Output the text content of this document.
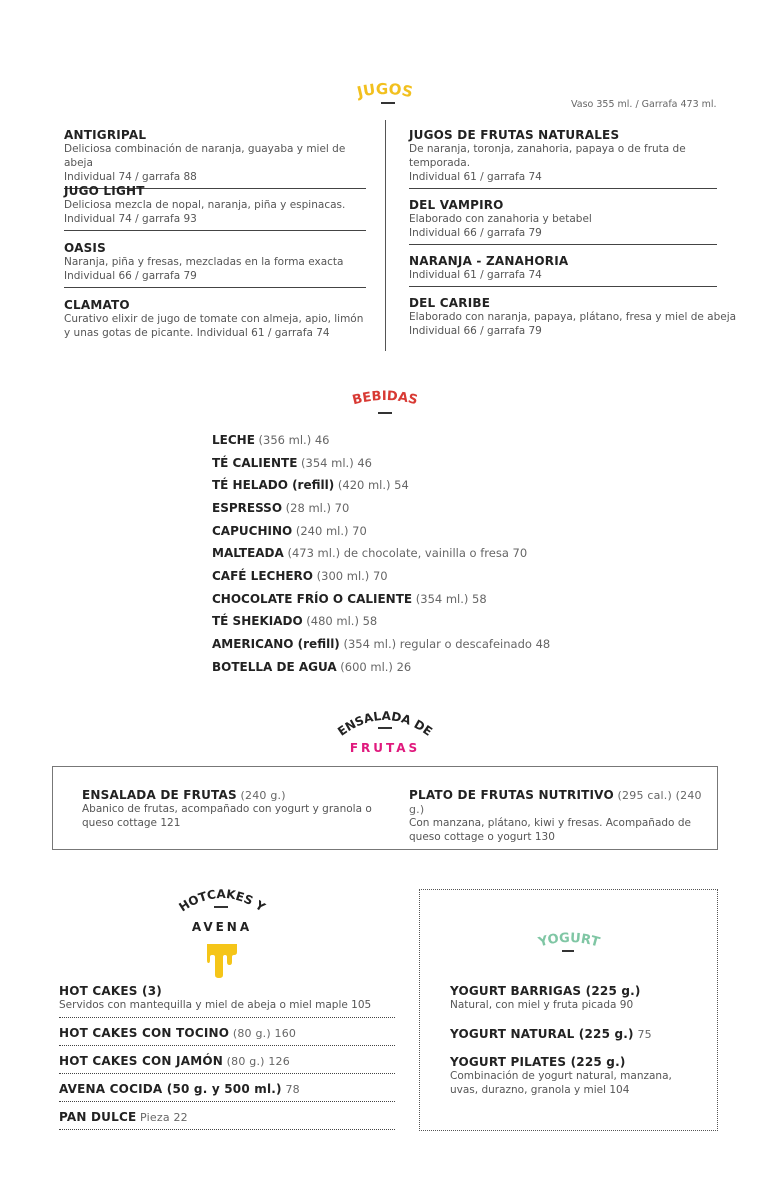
JUGOS
Vaso 355 ml. / Garrafa 473 ml.
ANTIGRIPAL
Deliciosa combinación de naranja, guayaba y miel de abeja
Individual 74 / garrafa 88
JUGO LIGHT
Deliciosa mezcla de nopal, naranja, piña y espinacas.
Individual 74 / garrafa 93
OASIS
Naranja, piña y fresas, mezcladas en la forma exacta
Individual 66 / garrafa 79
CLAMATO
Curativo elixir de jugo de tomate con almeja, apio, limón y unas gotas de picante. Individual 61 / garrafa 74
JUGOS DE FRUTAS NATURALES
De naranja, toronja, zanahoria, papaya o de fruta de temporada.
Individual 61 / garrafa 74
DEL VAMPIRO
Elaborado con zanahoria y betabel
Individual 66 / garrafa 79
NARANJA - ZANAHORIA
Individual 61 / garrafa 74
DEL CARIBE
Elaborado con naranja, papaya, plátano, fresa y miel de abeja
Individual 66 / garrafa 79
BEBIDAS
LECHE (356 ml.) 46
TÉ CALIENTE (354 ml.) 46
TÉ HELADO (refill) (420 ml.) 54
ESPRESSO (28 ml.) 70
CAPUCHINO (240 ml.) 70
MALTEADA (473 ml.) de chocolate, vainilla o fresa 70
CAFÉ LECHERO (300 ml.) 70
CHOCOLATE FRÍO O CALIENTE (354 ml.) 58
TÉ SHEKIADO (480 ml.) 58
AMERICANO (refill) (354 ml.) regular o descafeinado 48
BOTELLA DE AGUA (600 ml.) 26
ENSALADA DE
FRUTAS
ENSALADA DE FRUTAS (240 g.)
Abanico de frutas, acompañado con yogurt y granola o queso cottage 121
PLATO DE FRUTAS NUTRITIVO (295 cal.) (240 g.)
Con manzana, plátano, kiwi y fresas. Acompañado de queso cottage o yogurt 130
HOTCAKES Y
AVENA
HOT CAKES (3)
Servidos con mantequilla y miel de abeja o miel maple 105
HOT CAKES CON TOCINO (80 g.) 160
HOT CAKES CON JAMÓN (80 g.) 126
AVENA COCIDA (50 g. y 500 ml.) 78
PAN DULCE Pieza 22
YOGURT
YOGURT BARRIGAS (225 g.)
Natural, con miel y fruta picada 90
YOGURT NATURAL (225 g.) 75
YOGURT PILATES (225 g.)
Combinación de yogurt natural, manzana, uvas, durazno, granola y miel 104
